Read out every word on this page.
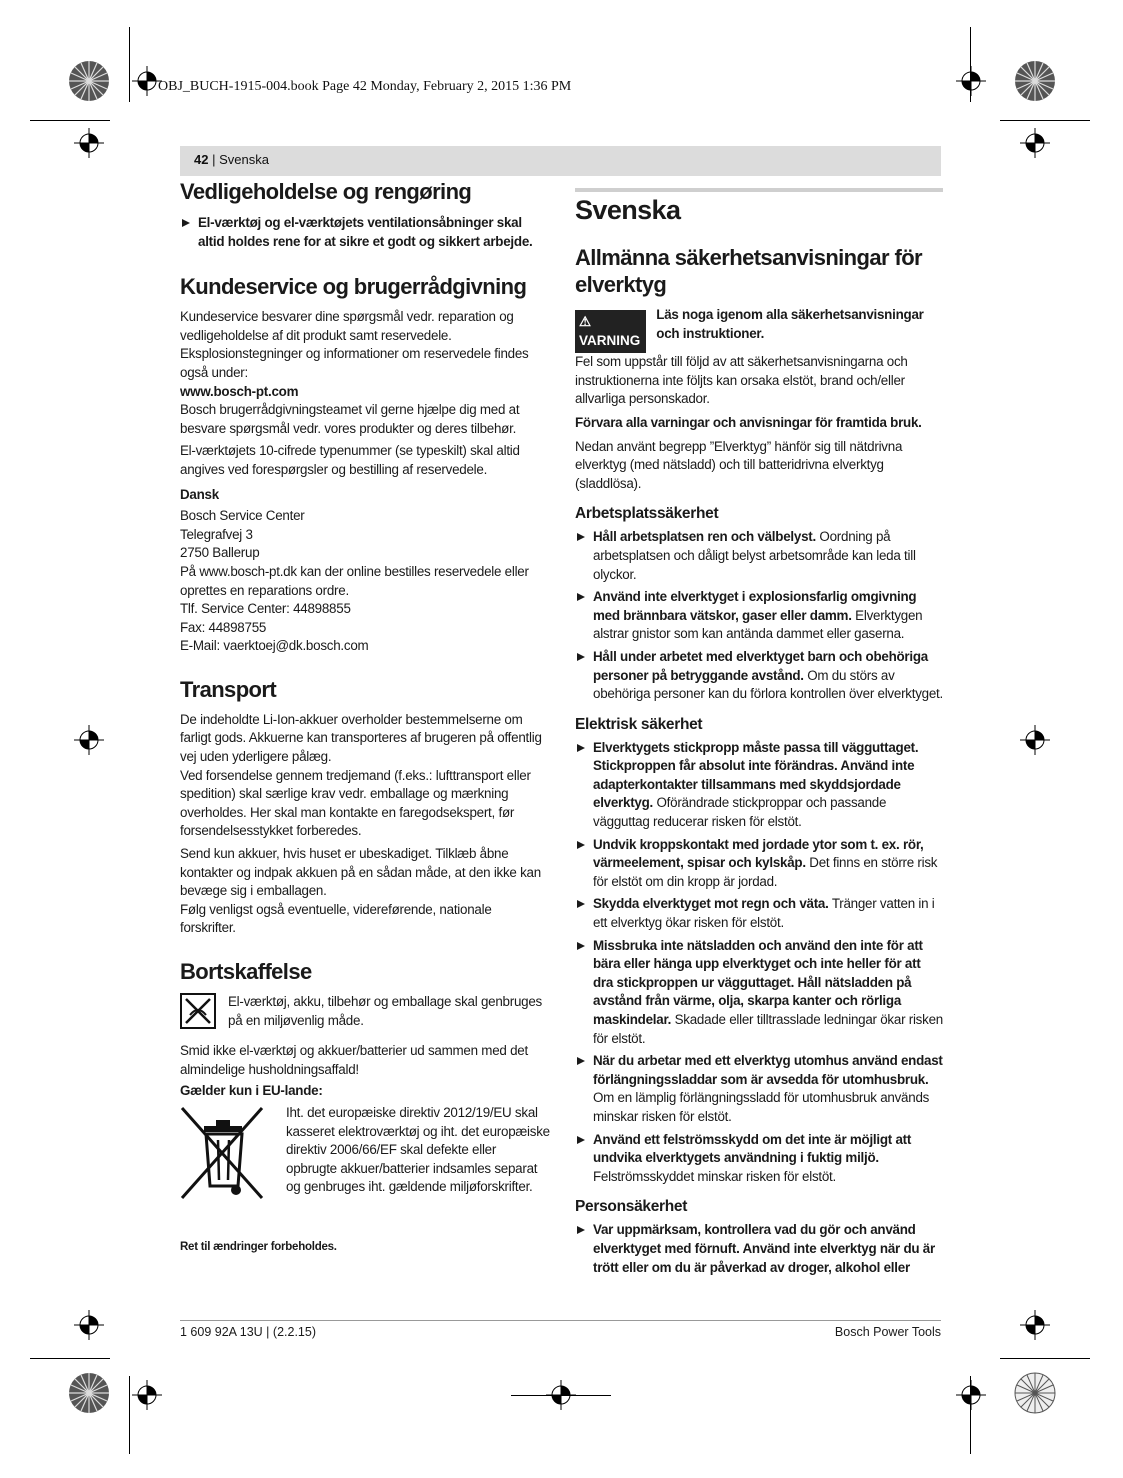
OBJ_BUCH-1915-004.book Page 42 Monday, February 2, 2015 1:36 PM
42 | Svenska
Vedligeholdelse og rengøring

El-værktøj og el-værktøjets ventilationsåbninger skal altid holdes rene for at sikre et godt og sikkert arbejde.

Kundeservice og brugerrådgivning

Kundeservice besvarer dine spørgsmål vedr. reparation og vedligeholdelse af dit produkt samt reservedele. Eksplosionstegninger og informationer om reservedele findes også under:

www.bosch-pt.com

Bosch brugerrådgivningsteamet vil gerne hjælpe dig med at besvare spørgsmål vedr. vores produkter og deres tilbehør.

El-værktøjets 10-cifrede typenummer (se typeskilt) skal altid angives ved forespørgsler og bestilling af reservedele.

Dansk

Bosch Service Center

Telegrafvej 3

2750 Ballerup

På www.bosch-pt.dk kan der online bestilles reservedele eller oprettes en reparations ordre.

Tlf. Service Center: 44898855

Fax: 44898755

E-Mail: vaerktoej@dk.bosch.com

Transport

De indeholdte Li-Ion-akkuer overholder bestemmelserne om farligt gods. Akkuerne kan transporteres af brugeren på offentlig vej uden yderligere pålæg.

Ved forsendelse gennem tredjemand (f.eks.: lufttransport eller spedition) skal særlige krav vedr. emballage og mærkning overholdes. Her skal man kontakte en faregodsekspert, før forsendelsesstykket forberedes.

Send kun akkuer, hvis huset er ubeskadiget. Tilklæb åbne kontakter og indpak akkuen på en sådan måde, at den ikke kan bevæge sig i emballagen.

Følg venligst også eventuelle, videreførende, nationale forskrifter.

Bortskaffelse

El-værktøj, akku, tilbehør og emballage skal genbruges på en miljøvenlig måde.

Smid ikke el-værktøj og akkuer/batterier ud sammen med det almindelige husholdningsaffald!

Gælder kun i EU-lande:

Iht. det europæiske direktiv 2012/19/EU skal kasseret elektroværktøj og iht. det europæiske direktiv 2006/66/EF skal defekte eller opbrugte akkuer/batterier indsamles separat og genbruges iht. gældende miljøforskrifter.

Ret til ændringer forbeholdes.

Svenska
Allmänna säkerhetsanvisningar för elverktyg
⚠ VARNING

Läs noga igenom alla säkerhetsanvisningar och instruktioner.

Fel som uppstår till följd av att säkerhetsanvisningarna och instruktionerna inte följts kan orsaka elstöt, brand och/eller allvarliga personskador.

Förvara alla varningar och anvisningar för framtida bruk.

Nedan använt begrepp ”Elverktyg” hänför sig till nätdrivna elverktyg (med nätsladd) och till batteridrivna elverktyg (sladdlösa).

Arbetsplatssäkerhet

Håll arbetsplatsen ren och välbelyst. Oordning på arbetsplatsen och dåligt belyst arbetsområde kan leda till olyckor.

Använd inte elverktyget i explosionsfarlig omgivning med brännbara vätskor, gaser eller damm. Elverktygen alstrar gnistor som kan antända dammet eller gaserna.

Håll under arbetet med elverktyget barn och obehöriga personer på betryggande avstånd. Om du störs av obehöriga personer kan du förlora kontrollen över elverktyget.

Elektrisk säkerhet

Elverktygets stickpropp måste passa till vägguttaget. Stickproppen får absolut inte förändras. Använd inte adapterkontakter tillsammans med skyddsjordade elverktyg. Oförändrade stickproppar och passande vägguttag reducerar risken för elstöt.

Undvik kroppskontakt med jordade ytor som t. ex. rör, värmeelement, spisar och kylskåp. Det finns en större risk för elstöt om din kropp är jordad.

Skydda elverktyget mot regn och väta. Tränger vatten in i ett elverktyg ökar risken för elstöt.

Missbruka inte nätsladden och använd den inte för att bära eller hänga upp elverktyget och inte heller för att dra stickproppen ur vägguttaget. Håll nätsladden på avstånd från värme, olja, skarpa kanter och rörliga maskindelar. Skadade eller tilltrasslade ledningar ökar risken för elstöt.

När du arbetar med ett elverktyg utomhus använd endast förlängningssladdar som är avsedda för utomhusbruk. Om en lämplig förlängningssladd för utomhusbruk används minskar risken för elstöt.

Använd ett felströmsskydd om det inte är möjligt att undvika elverktygets användning i fuktig miljö. Felströmsskyddet minskar risken för elstöt.

Personsäkerhet

Var uppmärksam, kontrollera vad du gör och använd elverktyget med förnuft. Använd inte elverktyg när du är trött eller om du är påverkad av droger, alkohol eller

1 609 92A 13U | (2.2.15)	Bosch Power Tools
